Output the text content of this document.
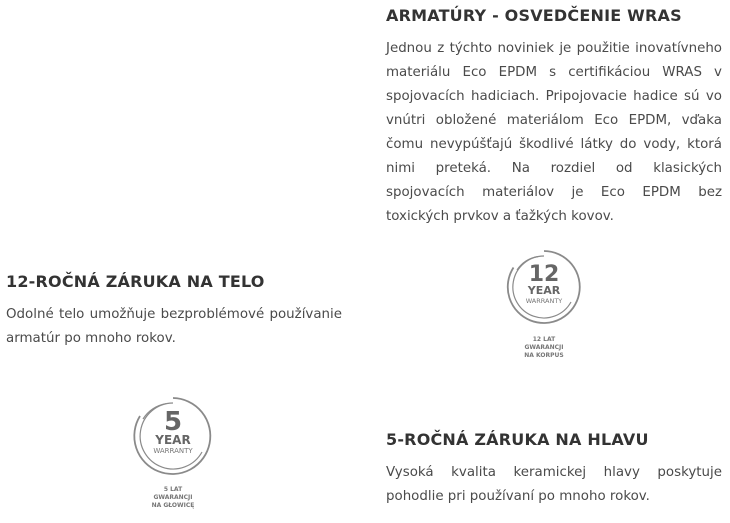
ARMATÚRY - OSVEDČENIE WRAS

Jednou z týchto noviniek je použitie inovatívneho materiálu Eco EPDM s certifikáciou WRAS v spojovacích hadiciach. Pripojovacie hadice sú vo vnútri obložené materiálom Eco EPDM, vďaka čomu nevypúšťajú škodlivé látky do vody, ktorá nimi preteká. Na rozdiel od klasických spojovacích materiálov je Eco EPDM bez toxických prvkov a ťažkých kovov.

12
YEAR
WARRANTY
12 LAT
GWARANCJI
NA KORPUS
12-ROČNÁ ZÁRUKA NA TELO

Odolné telo umožňuje bezproblémové používanie armatúr po mnoho rokov.

5
YEAR
WARRANTY
5 LAT
GWARANCJI
NA GŁOWICĘ
5-ROČNÁ ZÁRUKA NA HLAVU

Vysoká kvalita keramickej hlavy poskytuje pohodlie pri používaní po mnoho rokov.
